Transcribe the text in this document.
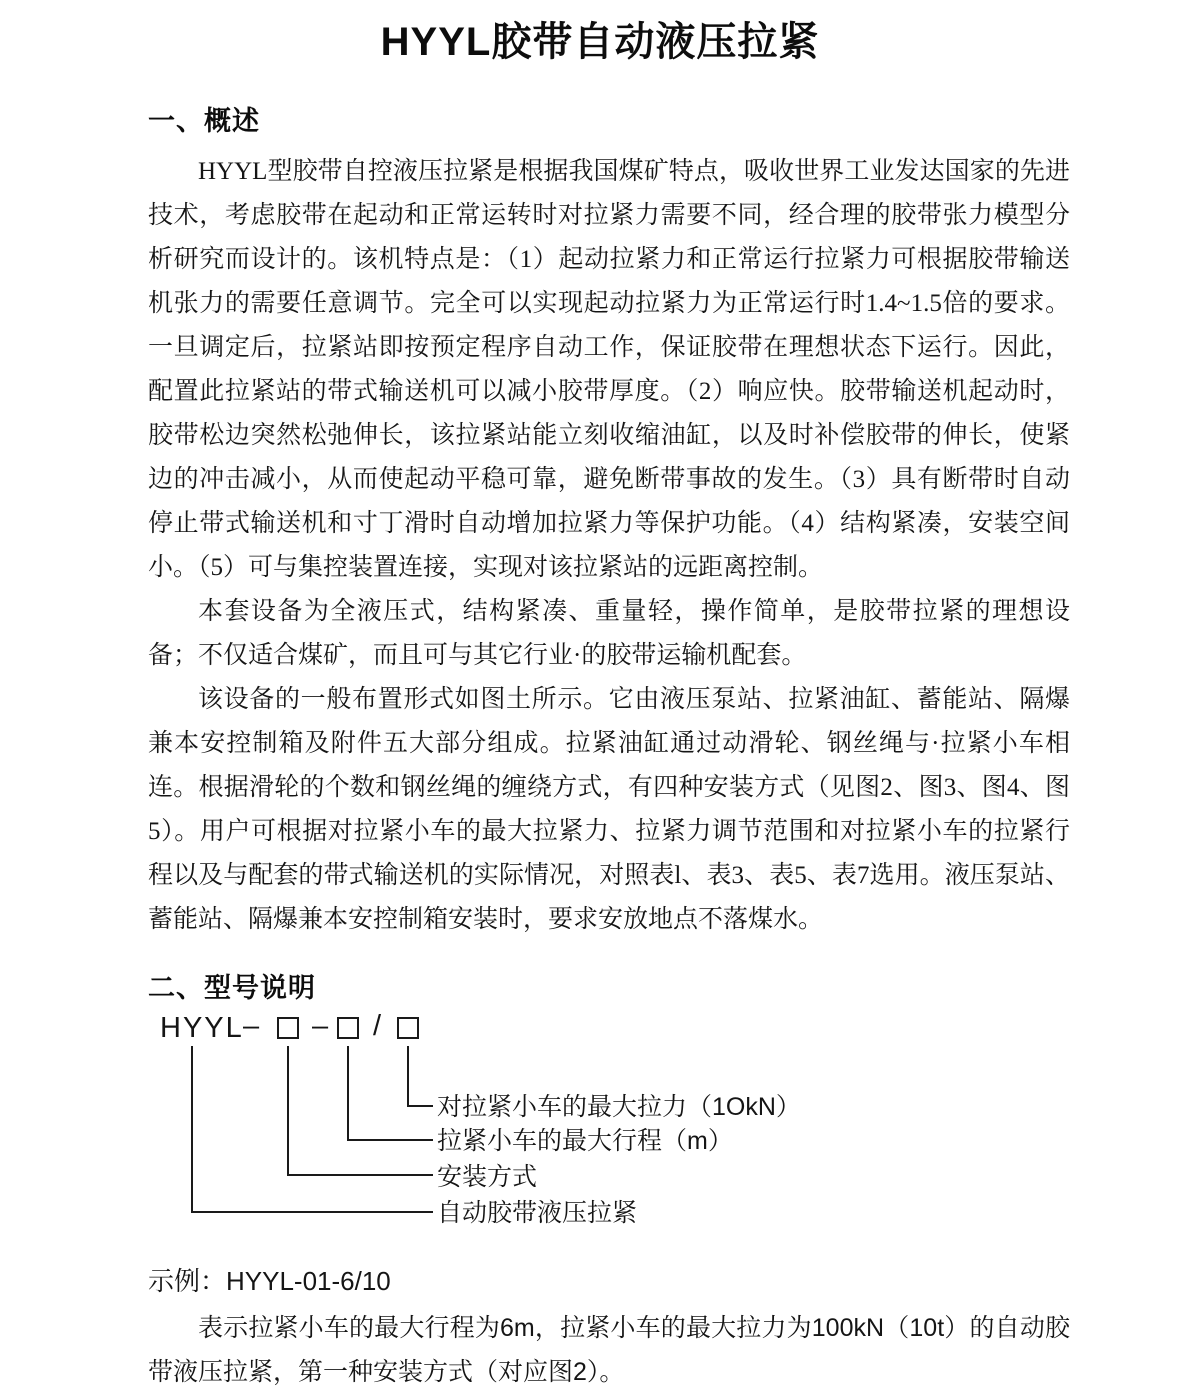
HYYL胶带自动液压拉紧
一、概述

HYYL型胶带自控液压拉紧是根据我国煤矿特点，吸收世界工业发达国家的先进技术，考虑胶带在起动和正常运转时对拉紧力需要不同，经合理的胶带张力模型分析研究而设计的。该机特点是：（1）起动拉紧力和正常运行拉紧力可根据胶带输送机张力的需要任意调节。完全可以实现起动拉紧力为正常运行时1.4~1.5倍的要求。一旦调定后，拉紧站即按预定程序自动工作，保证胶带在理想状态下运行。因此，配置此拉紧站的带式输送机可以减小胶带厚度。（2）响应快。胶带输送机起动时，胶带松边突然松弛伸长，该拉紧站能立刻收缩油缸，以及时补偿胶带的伸长，使紧边的冲击减小，从而使起动平稳可靠，避免断带事故的发生。（3）具有断带时自动停止带式输送机和寸丁滑时自动增加拉紧力等保护功能。（4）结构紧凑，安装空间小。（5）可与集控装置连接，实现对该拉紧站的远距离控制。

本套设备为全液压式，结构紧凑、重量轻，操作简单，是胶带拉紧的理想设备；不仅适合煤矿，而且可与其它行业·的胶带运输机配套。

该设备的一般布置形式如图土所示。它由液压泵站、拉紧油缸、蓄能站、隔爆兼本安控制箱及附件五大部分组成。拉紧油缸通过动滑轮、钢丝绳与·拉紧小车相连。根据滑轮的个数和钢丝绳的缠绕方式，有四种安装方式（见图2、图3、图4、图5）。用户可根据对拉紧小车的最大拉紧力、拉紧力调节范围和对拉紧小车的拉紧行程以及与配套的带式输送机的实际情况，对照表l、表3、表5、表7选用。液压泵站、蓄能站、隔爆兼本安控制箱安装时，要求安放地点不落煤水。

二、型号说明
HYYL – – /
对拉紧小车的最大拉力（1OkN）
拉紧小车的最大行程（m）
安装方式
自动胶带液压拉紧
示例：HYYL-01-6/10

表示拉紧小车的最大行程为6m，拉紧小车的最大拉力为100kN（10t）的自动胶带液压拉紧，第一种安装方式（对应图2）。
